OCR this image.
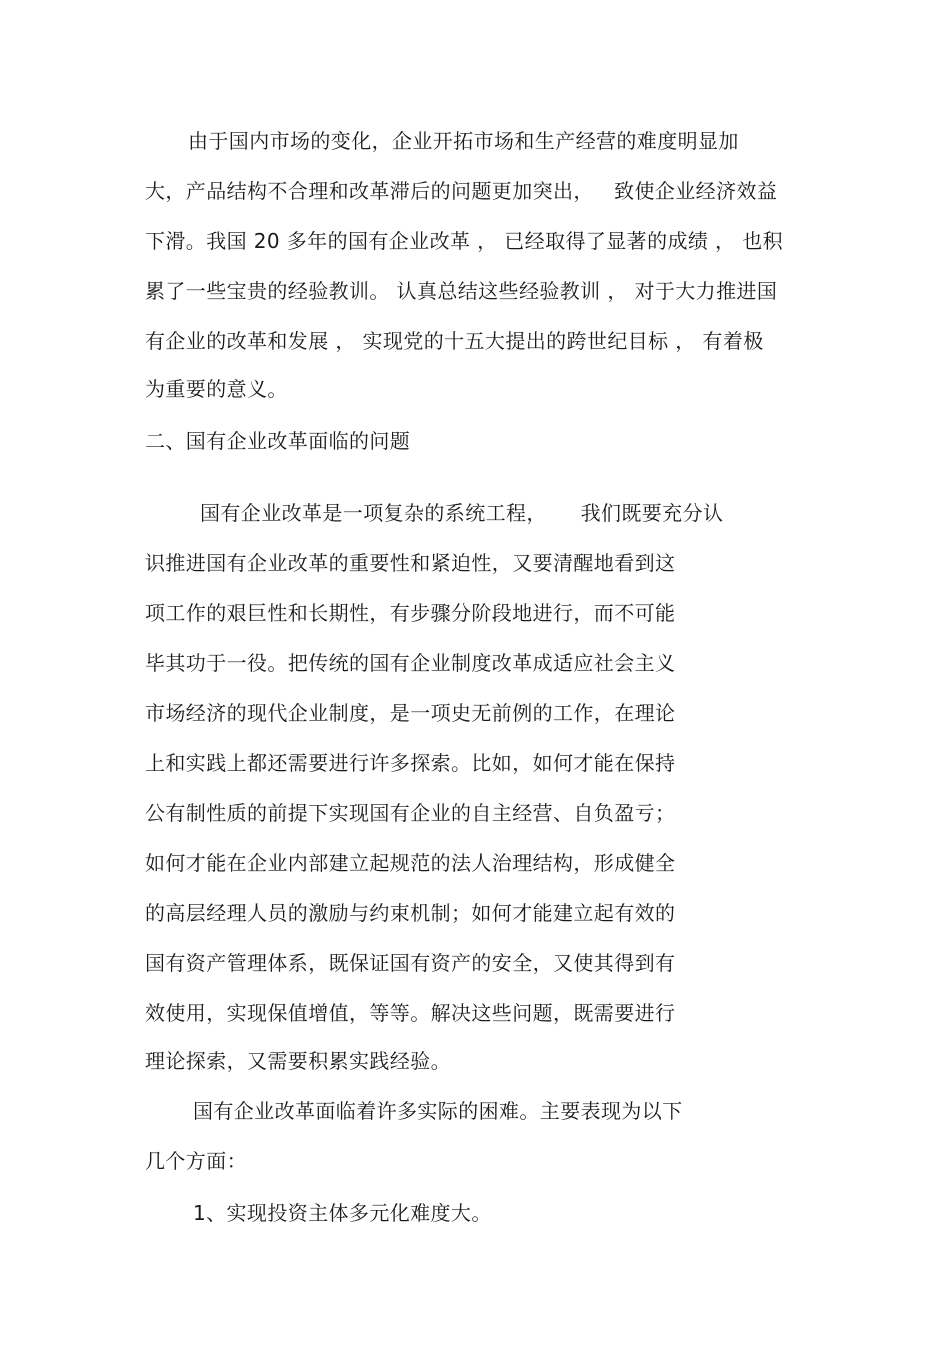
由于国内市场的变化，企业开拓市场和生产经营的难度明显加
大，产品结构不合理和改革滞后的问题更加突出，   致使企业经济效益
下滑。我国 20 多年的国有企业改革 ， 已经取得了显著的成绩 ， 也积
累了一些宝贵的经验教训。 认真总结这些经验教训 ， 对于大力推进国
有企业的改革和发展 ， 实现党的十五大提出的跨世纪目标 ， 有着极
为重要的意义。
二、国有企业改革面临的问题
国有企业改革是一项复杂的系统工程，     我们既要充分认
识推进国有企业改革的重要性和紧迫性，又要清醒地看到这
项工作的艰巨性和长期性，有步骤分阶段地进行，而不可能
毕其功于一役。把传统的国有企业制度改革成适应社会主义
市场经济的现代企业制度，是一项史无前例的工作，在理论
上和实践上都还需要进行许多探索。比如，如何才能在保持
公有制性质的前提下实现国有企业的自主经营、自负盈亏；
如何才能在企业内部建立起规范的法人治理结构，形成健全
的高层经理人员的激励与约束机制；如何才能建立起有效的
国有资产管理体系，既保证国有资产的安全，又使其得到有
效使用，实现保值增值，等等。解决这些问题，既需要进行
理论探索，又需要积累实践经验。
国有企业改革面临着许多实际的困难。主要表现为以下
几个方面：
1、实现投资主体多元化难度大。
